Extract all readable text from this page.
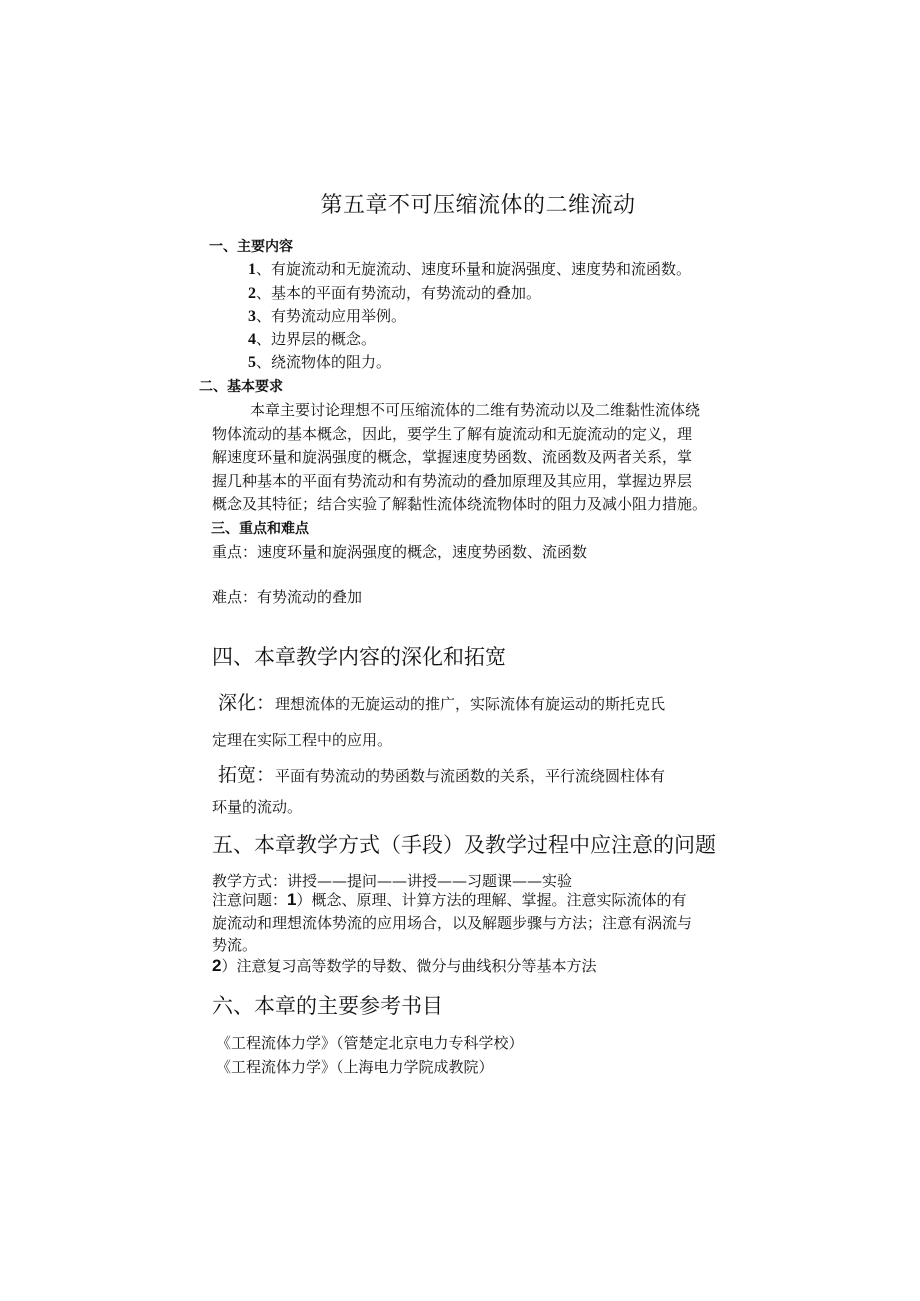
第五章不可压缩流体的二维流动
一、主要内容
1、有旋流动和无旋流动、速度环量和旋涡强度、速度势和流函数。
2、基本的平面有势流动，有势流动的叠加。
3、有势流动应用举例。
4、边界层的概念。
5、绕流物体的阻力。
二、基本要求
本章主要讨论理想不可压缩流体的二维有势流动以及二维黏性流体绕
物体流动的基本概念，因此，要学生了解有旋流动和无旋流动的定义，理
解速度环量和旋涡强度的概念，掌握速度势函数、流函数及两者关系，掌
握几种基本的平面有势流动和有势流动的叠加原理及其应用，掌握边界层
概念及其特征；结合实验了解黏性流体绕流物体时的阻力及减小阻力措施。
三、重点和难点
重点：速度环量和旋涡强度的概念，速度势函数、流函数
难点：有势流动的叠加
四、本章教学内容的深化和拓宽
深化：理想流体的无旋运动的推广，实际流体有旋运动的斯托克氏
定理在实际工程中的应用。
拓宽：平面有势流动的势函数与流函数的关系，平行流绕圆柱体有
环量的流动。
五、本章教学方式（手段）及教学过程中应注意的问题
教学方式：讲授——提问——讲授——习题课——实验
注意问题：1）概念、原理、计算方法的理解、掌握。注意实际流体的有
旋流动和理想流体势流的应用场合，以及解题步骤与方法；注意有涡流与
势流。
2）注意复习高等数学的导数、微分与曲线积分等基本方法
六、本章的主要参考书目
《工程流体力学》（管楚定北京电力专科学校）
《工程流体力学》（上海电力学院成教院）
